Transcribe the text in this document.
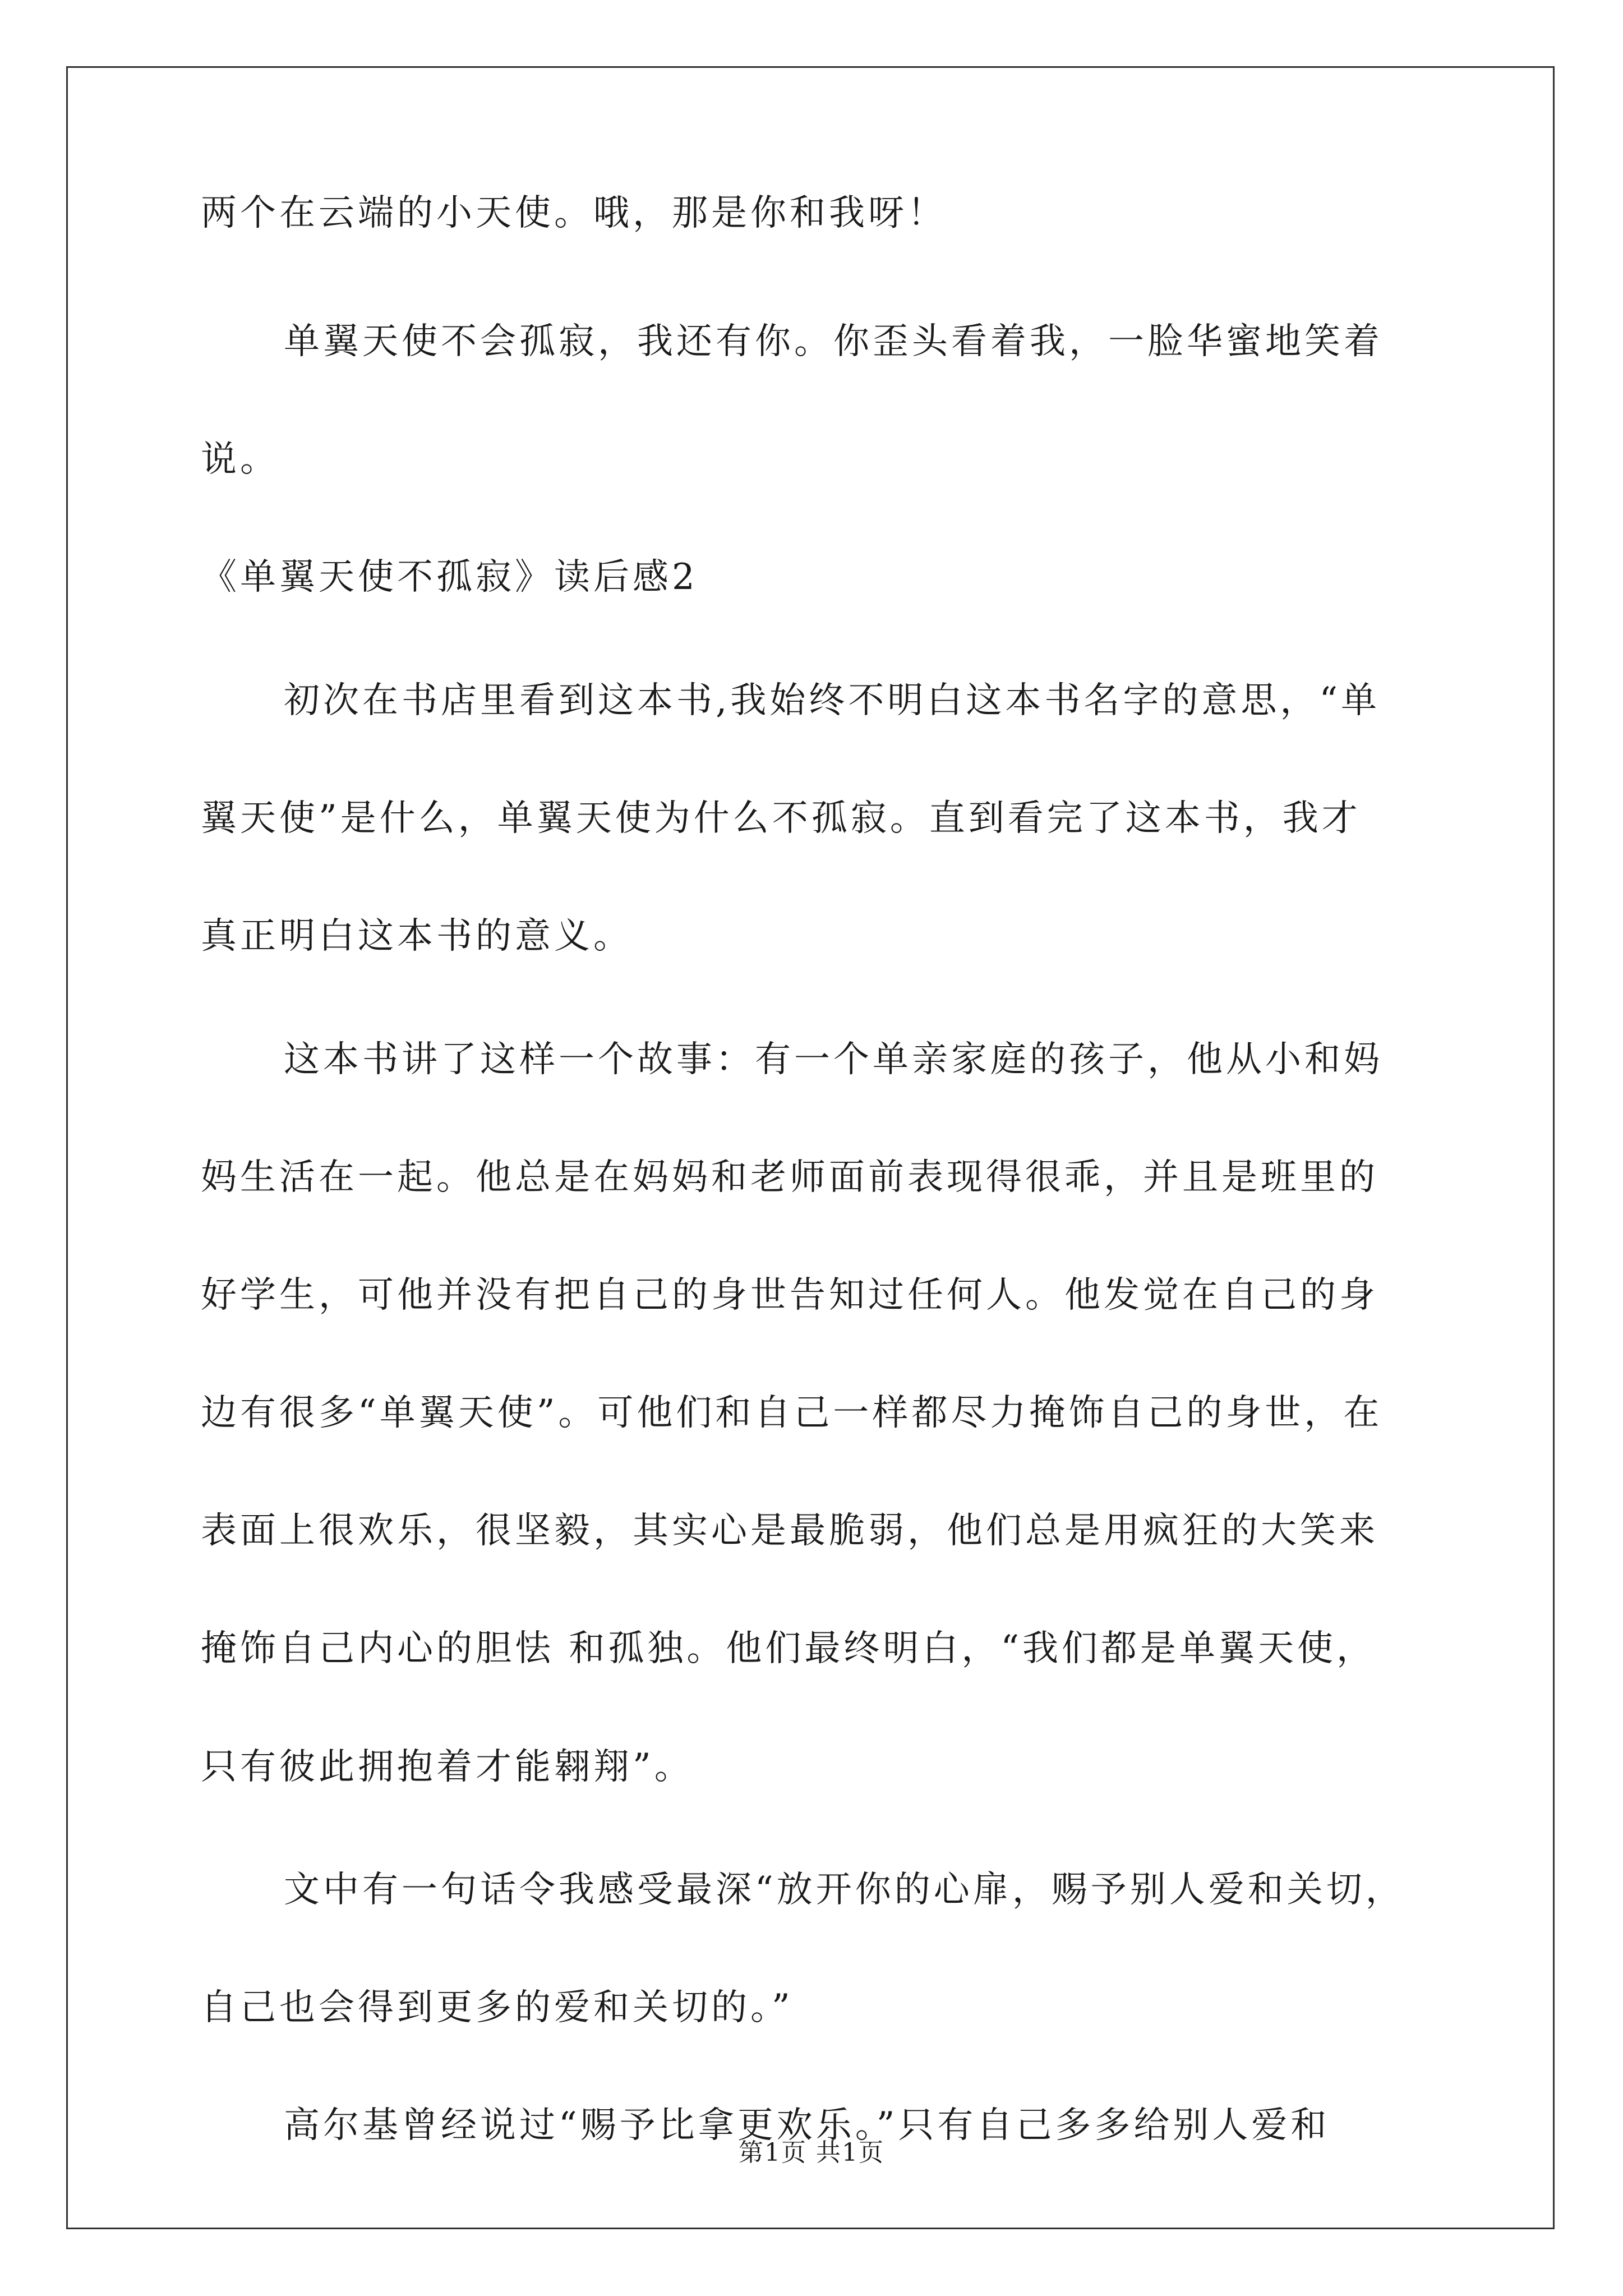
两个在云端的小天使。哦，那是你和我呀！
单翼天使不会孤寂，我还有你。你歪头看着我，一脸华蜜地笑着
说。
《单翼天使不孤寂》读后感2
初次在书店里看到这本书,我始终不明白这本书名字的意思，“单
翼天使”是什么，单翼天使为什么不孤寂。直到看完了这本书，我才
真正明白这本书的意义。
这本书讲了这样一个故事：有一个单亲家庭的孩子，他从小和妈
妈生活在一起。他总是在妈妈和老师面前表现得很乖，并且是班里的
好学生，可他并没有把自己的身世告知过任何人。他发觉在自己的身
边有很多“单翼天使”。可他们和自己一样都尽力掩饰自己的身世，在
表面上很欢乐，很坚毅，其实心是最脆弱，他们总是用疯狂的大笑来
掩饰自己内心的胆怯 和孤独。他们最终明白，“我们都是单翼天使，
只有彼此拥抱着才能翱翔”。
文中有一句话令我感受最深“放开你的心扉，赐予别人爱和关切，
自己也会得到更多的爱和关切的。”
高尔基曾经说过“赐予比拿更欢乐。”只有自己多多给别人爱和
第1页 共1页
